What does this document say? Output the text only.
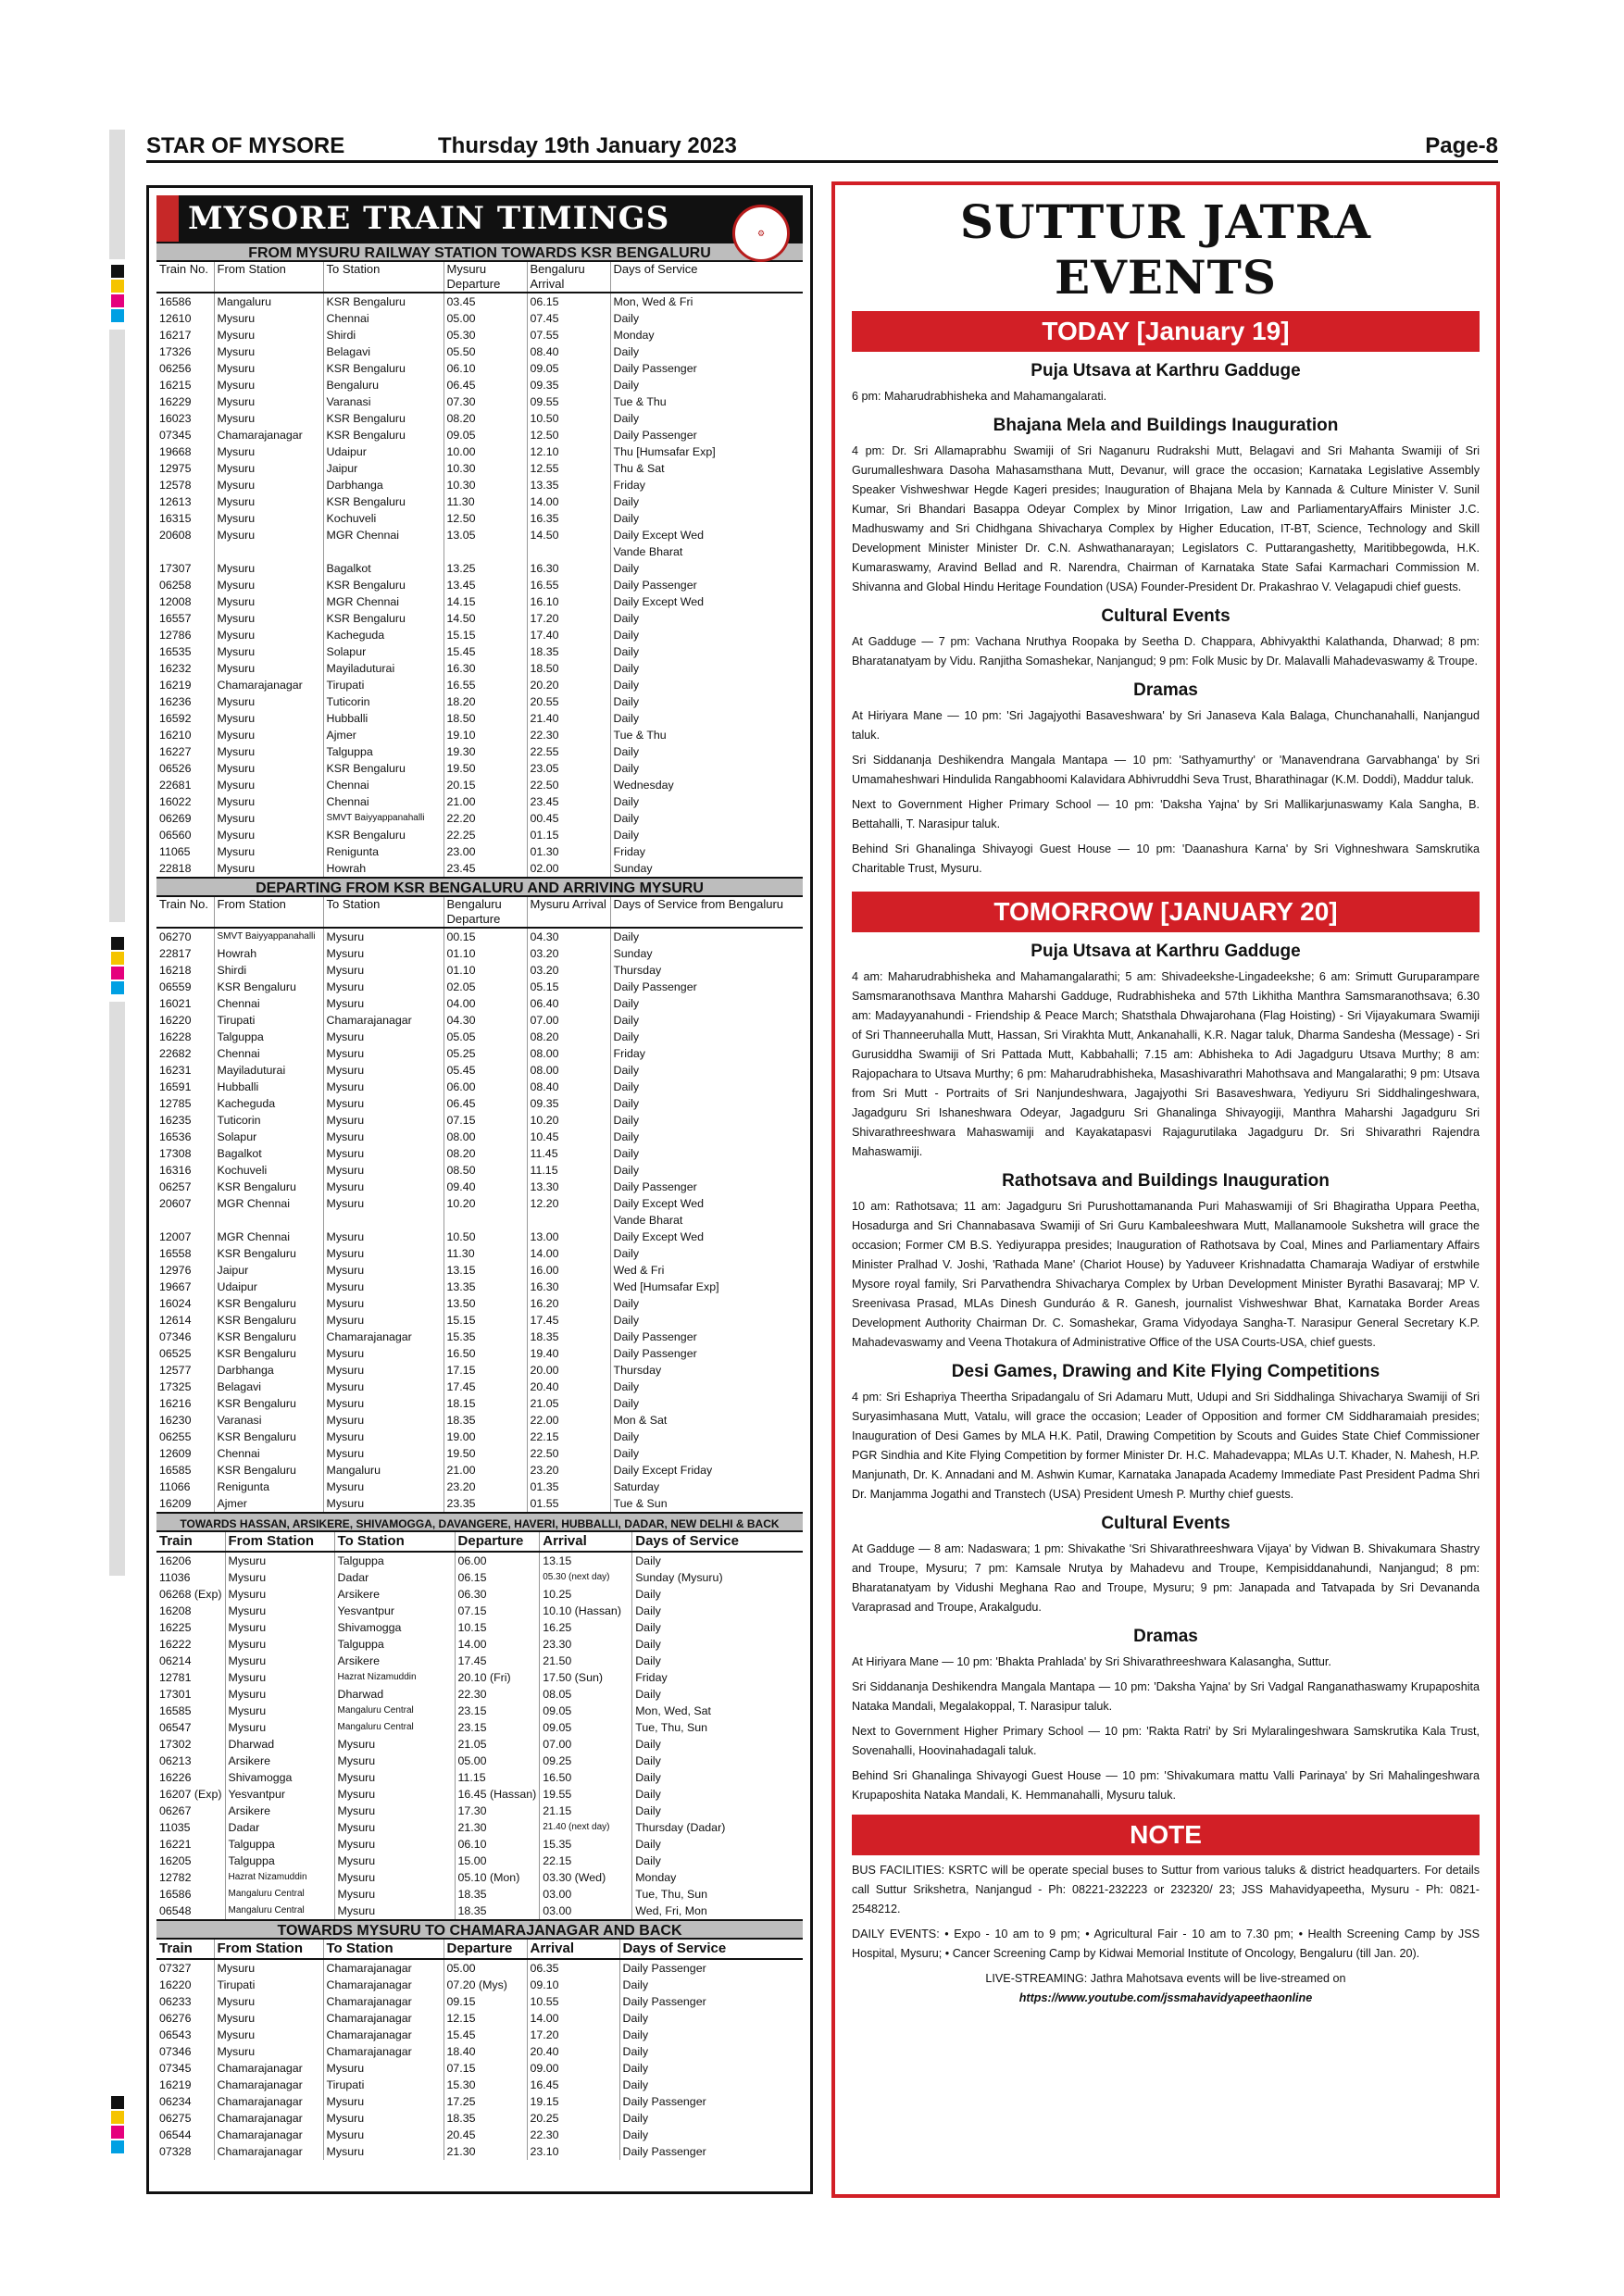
STAR OF MYSORE	Thursday 19th January 2023	Page-8
MYSORE TRAIN TIMINGS	⚙
FROM MYSURU RAILWAY STATION TOWARDS KSR BENGALURU
Train No.	From Station	To Station	Mysuru Departure	Bengaluru Arrival	Days of Service
16586	Mangaluru	KSR Bengaluru	03.45	06.15	Mon, Wed & Fri
12610	Mysuru	Chennai	05.00	07.45	Daily
16217	Mysuru	Shirdi	05.30	07.55	Monday
17326	Mysuru	Belagavi	05.50	08.40	Daily
06256	Mysuru	KSR Bengaluru	06.10	09.05	Daily Passenger
16215	Mysuru	Bengaluru	06.45	09.35	Daily
16229	Mysuru	Varanasi	07.30	09.55	Tue & Thu
16023	Mysuru	KSR Bengaluru	08.20	10.50	Daily
07345	Chamarajanagar	KSR Bengaluru	09.05	12.50	Daily Passenger
19668	Mysuru	Udaipur	10.00	12.10	Thu [Humsafar Exp]
12975	Mysuru	Jaipur	10.30	12.55	Thu & Sat
12578	Mysuru	Darbhanga	10.30	13.35	Friday
12613	Mysuru	KSR Bengaluru	11.30	14.00	Daily
16315	Mysuru	Kochuveli	12.50	16.35	Daily
20608	Mysuru	MGR Chennai	13.05	14.50	Daily Except Wed
					Vande Bharat
17307	Mysuru	Bagalkot	13.25	16.30	Daily
06258	Mysuru	KSR Bengaluru	13.45	16.55	Daily Passenger
12008	Mysuru	MGR Chennai	14.15	16.10	Daily Except Wed
16557	Mysuru	KSR Bengaluru	14.50	17.20	Daily
12786	Mysuru	Kacheguda	15.15	17.40	Daily
16535	Mysuru	Solapur	15.45	18.35	Daily
16232	Mysuru	Mayiladuturai	16.30	18.50	Daily
16219	Chamarajanagar	Tirupati	16.55	20.20	Daily
16236	Mysuru	Tuticorin	18.20	20.55	Daily
16592	Mysuru	Hubballi	18.50	21.40	Daily
16210	Mysuru	Ajmer	19.10	22.30	Tue & Thu
16227	Mysuru	Talguppa	19.30	22.55	Daily
06526	Mysuru	KSR Bengaluru	19.50	23.05	Daily
22681	Mysuru	Chennai	20.15	22.50	Wednesday
16022	Mysuru	Chennai	21.00	23.45	Daily
06269	Mysuru	SMVT Baiyyappanahalli	22.20	00.45	Daily
06560	Mysuru	KSR Bengaluru	22.25	01.15	Daily
11065	Mysuru	Renigunta	23.00	01.30	Friday
22818	Mysuru	Howrah	23.45	02.00	Sunday
DEPARTING FROM KSR BENGALURU AND ARRIVING MYSURU
Train No.	From Station	To Station	Bengaluru Departure	Mysuru Arrival	Days of Service from Bengaluru
06270	SMVT Baiyyappanahalli	Mysuru	00.15	04.30	Daily
22817	Howrah	Mysuru	01.10	03.20	Sunday
16218	Shirdi	Mysuru	01.10	03.20	Thursday
06559	KSR Bengaluru	Mysuru	02.05	05.15	Daily Passenger
16021	Chennai	Mysuru	04.00	06.40	Daily
16220	Tirupati	Chamarajanagar	04.30	07.00	Daily
16228	Talguppa	Mysuru	05.05	08.20	Daily
22682	Chennai	Mysuru	05.25	08.00	Friday
16231	Mayiladuturai	Mysuru	05.45	08.00	Daily
16591	Hubballi	Mysuru	06.00	08.40	Daily
12785	Kacheguda	Mysuru	06.45	09.35	Daily
16235	Tuticorin	Mysuru	07.15	10.20	Daily
16536	Solapur	Mysuru	08.00	10.45	Daily
17308	Bagalkot	Mysuru	08.20	11.45	Daily
16316	Kochuveli	Mysuru	08.50	11.15	Daily
06257	KSR Bengaluru	Mysuru	09.40	13.30	Daily Passenger
20607	MGR Chennai	Mysuru	10.20	12.20	Daily Except Wed
					Vande Bharat
12007	MGR Chennai	Mysuru	10.50	13.00	Daily Except Wed
16558	KSR Bengaluru	Mysuru	11.30	14.00	Daily
12976	Jaipur	Mysuru	13.15	16.00	Wed & Fri
19667	Udaipur	Mysuru	13.35	16.30	Wed [Humsafar Exp]
16024	KSR Bengaluru	Mysuru	13.50	16.20	Daily
12614	KSR Bengaluru	Mysuru	15.15	17.45	Daily
07346	KSR Bengaluru	Chamarajanagar	15.35	18.35	Daily Passenger
06525	KSR Bengaluru	Mysuru	16.50	19.40	Daily Passenger
12577	Darbhanga	Mysuru	17.15	20.00	Thursday
17325	Belagavi	Mysuru	17.45	20.40	Daily
16216	KSR Bengaluru	Mysuru	18.15	21.05	Daily
16230	Varanasi	Mysuru	18.35	22.00	Mon & Sat
06255	KSR Bengaluru	Mysuru	19.00	22.15	Daily
12609	Chennai	Mysuru	19.50	22.50	Daily
16585	KSR Bengaluru	Mangaluru	21.00	23.20	Daily Except Friday
11066	Renigunta	Mysuru	23.20	01.35	Saturday
16209	Ajmer	Mysuru	23.35	01.55	Tue & Sun
TOWARDS HASSAN, ARSIKERE, SHIVAMOGGA, DAVANGERE, HAVERI, HUBBALLI, DADAR, NEW DELHI & BACK
Train	From Station	To Station	Departure	Arrival	Days of Service
16206	Mysuru	Talguppa	06.00	13.15	Daily
11036	Mysuru	Dadar	06.15	05.30 (next day)	Sunday (Mysuru)
06268 (Exp)	Mysuru	Arsikere	06.30	10.25	Daily
16208	Mysuru	Yesvantpur	07.15	10.10 (Hassan)	Daily
16225	Mysuru	Shivamogga	10.15	16.25	Daily
16222	Mysuru	Talguppa	14.00	23.30	Daily
06214	Mysuru	Arsikere	17.45	21.50	Daily
12781	Mysuru	Hazrat Nizamuddin	20.10 (Fri)	17.50 (Sun)	Friday
17301	Mysuru	Dharwad	22.30	08.05	Daily
16585	Mysuru	Mangaluru Central	23.15	09.05	Mon, Wed, Sat
06547	Mysuru	Mangaluru Central	23.15	09.05	Tue, Thu, Sun
17302	Dharwad	Mysuru	21.05	07.00	Daily
06213	Arsikere	Mysuru	05.00	09.25	Daily
16226	Shivamogga	Mysuru	11.15	16.50	Daily
16207 (Exp)	Yesvantpur	Mysuru	16.45 (Hassan)	19.55	Daily
06267	Arsikere	Mysuru	17.30	21.15	Daily
11035	Dadar	Mysuru	21.30	21.40 (next day)	Thursday (Dadar)
16221	Talguppa	Mysuru	06.10	15.35	Daily
16205	Talguppa	Mysuru	15.00	22.15	Daily
12782	Hazrat Nizamuddin	Mysuru	05.10 (Mon)	03.30 (Wed)	Monday
16586	Mangaluru Central	Mysuru	18.35	03.00	Tue, Thu, Sun
06548	Mangaluru Central	Mysuru	18.35	03.00	Wed, Fri, Mon
TOWARDS MYSURU TO CHAMARAJANAGAR AND BACK
Train	From Station	To Station	Departure	Arrival	Days of Service
07327	Mysuru	Chamarajanagar	05.00	06.35	Daily Passenger
16220	Tirupati	Chamarajanagar	07.20 (Mys)	09.10	Daily
06233	Mysuru	Chamarajanagar	09.15	10.55	Daily Passenger
06276	Mysuru	Chamarajanagar	12.15	14.00	Daily
06543	Mysuru	Chamarajanagar	15.45	17.20	Daily
07346	Mysuru	Chamarajanagar	18.40	20.40	Daily
07345	Chamarajanagar	Mysuru	07.15	09.00	Daily
16219	Chamarajanagar	Tirupati	15.30	16.45	Daily
06234	Chamarajanagar	Mysuru	17.25	19.15	Daily Passenger
06275	Chamarajanagar	Mysuru	18.35	20.25	Daily
06544	Chamarajanagar	Mysuru	20.45	22.30	Daily
07328	Chamarajanagar	Mysuru	21.30	23.10	Daily Passenger
SUTTUR JATRA EVENTS
TODAY [January 19]
Puja Utsava at Karthru Gadduge
6 pm: Maharudrabhisheka and Mahamangalarati.
Bhajana Mela and Buildings Inauguration
4 pm: Dr. Sri Allamaprabhu Swamiji of Sri Naganuru Rudrakshi Mutt, Belagavi and Sri Mahanta Swamiji of Sri Gurumalleshwara Dasoha Mahasamsthana Mutt, Devanur, will grace the occasion; Karnataka Legislative Assembly Speaker Vishweshwar Hegde Kageri presides; Inauguration of Bhajana Mela by Kannada & Culture Minister V. Sunil Kumar, Sri Bhandari Basappa Odeyar Complex by Minor Irrigation, Law and ParliamentaryAffairs Minister J.C. Madhuswamy and Sri Chidhgana Shivacharya Complex by Higher Education, IT-BT, Science, Technology and Skill Development Minister Minister Dr. C.N. Ashwathanarayan; Legislators C. Puttarangashetty, Maritibbegowda, H.K. Kumaraswamy, Aravind Bellad and R. Narendra, Chairman of Karnataka State Safai Karmachari Commission M. Shivanna and Global Hindu Heritage Foundation (USA) Founder-President Dr. Prakashrao V. Velagapudi chief guests.
Cultural Events
At Gadduge — 7 pm: Vachana Nruthya Roopaka by Seetha D. Chappara, Abhivyakthi Kalathanda, Dharwad; 8 pm: Bharatanatyam by Vidu. Ranjitha Somashekar, Nanjangud; 9 pm: Folk Music by Dr. Malavalli Mahadevaswamy & Troupe.
Dramas
At Hiriyara Mane — 10 pm: 'Sri Jagajyothi Basaveshwara' by Sri Janaseva Kala Balaga, Chunchanahalli, Nanjangud taluk.
Sri Siddananja Deshikendra Mangala Mantapa — 10 pm: 'Sathyamurthy' or 'Manavendrana Garvabhanga' by Sri Umamaheshwari Hindulida Rangabhoomi Kalavidara Abhivruddhi Seva Trust, Bharathinagar (K.M. Doddi), Maddur taluk.
Next to Government Higher Primary School — 10 pm: 'Daksha Yajna' by Sri Mallikarjunaswamy Kala Sangha, B. Bettahalli, T. Narasipur taluk.
Behind Sri Ghanalinga Shivayogi Guest House — 10 pm: 'Daanashura Karna' by Sri Vighneshwara Samskrutika Charitable Trust, Mysuru.
TOMORROW [JANUARY 20]
Puja Utsava at Karthru Gadduge
4 am: Maharudrabhisheka and Mahamangalarathi; 5 am: Shivadeekshe-Lingadeekshe; 6 am: Srimutt Guruparampare Samsmaranothsava Manthra Maharshi Gadduge, Rudrabhisheka and 57th Likhitha Manthra Samsmaranothsava; 6.30 am: Madayyanahundi - Friendship & Peace March; Shatsthala Dhwajarohana (Flag Hoisting) - Sri Vijayakumara Swamiji of Sri Thanneeruhalla Mutt, Hassan, Sri Virakhta Mutt, Ankanahalli, K.R. Nagar taluk, Dharma Sandesha (Message) - Sri Gurusiddha Swamiji of Sri Pattada Mutt, Kabbahalli; 7.15 am: Abhisheka to Adi Jagadguru Utsava Murthy; 8 am: Rajopachara to Utsava Murthy; 6 pm: Maharudrabhisheka, Masashivarathri Mahothsava and Mangalarathi; 9 pm: Utsava from Sri Mutt - Portraits of Sri Nanjundeshwara, Jagajyothi Sri Basaveshwara, Yediyuru Sri Siddhalingeshwara, Jagadguru Sri Ishaneshwara Odeyar, Jagadguru Sri Ghanalinga Shivayogiji, Manthra Maharshi Jagadguru Sri Shivarathreeshwara Mahaswamiji and Kayakatapasvi Rajagurutilaka Jagadguru Dr. Sri Shivarathri Rajendra Mahaswamiji.
Rathotsava and Buildings Inauguration
10 am: Rathotsava; 11 am: Jagadguru Sri Purushottamananda Puri Mahaswamiji of Sri Bhagiratha Uppara Peetha, Hosadurga and Sri Channabasava Swamiji of Sri Guru Kambaleeshwara Mutt, Mallanamoole Sukshetra will grace the occasion; Former CM B.S. Yediyurappa presides; Inauguration of Rathotsava by Coal, Mines and Parliamentary Affairs Minister Pralhad V. Joshi, 'Rathada Mane' (Chariot House) by Yaduveer Krishnadatta Chamaraja Wadiyar of erstwhile Mysore royal family, Sri Parvathendra Shivacharya Complex by Urban Development Minister Byrathi Basavaraj; MP V. Sreenivasa Prasad, MLAs Dinesh Gunduráo & R. Ganesh, journalist Vishweshwar Bhat, Karnataka Border Areas Development Authority Chairman Dr. C. Somashekar, Grama Vidyodaya Sangha-T. Narasipur General Secretary K.P. Mahadevaswamy and Veena Thotakura of Administrative Office of the USA Courts-USA, chief guests.
Desi Games, Drawing and Kite Flying Competitions
4 pm: Sri Eshapriya Theertha Sripadangalu of Sri Adamaru Mutt, Udupi and Sri Siddhalinga Shivacharya Swamiji of Sri Suryasimhasana Mutt, Vatalu, will grace the occasion; Leader of Opposition and former CM Siddharamaiah presides; Inauguration of Desi Games by MLA H.K. Patil, Drawing Competition by Scouts and Guides State Chief Commissioner PGR Sindhia and Kite Flying Competition by former Minister Dr. H.C. Mahadevappa; MLAs U.T. Khader, N. Mahesh, H.P. Manjunath, Dr. K. Annadani and M. Ashwin Kumar, Karnataka Janapada Academy Immediate Past President Padma Shri Dr. Manjamma Jogathi and Transtech (USA) President Umesh P. Murthy chief guests.
Cultural Events
At Gadduge — 8 am: Nadaswara; 1 pm: Shivakathe 'Sri Shivarathreeshwara Vijaya' by Vidwan B. Shivakumara Shastry and Troupe, Mysuru; 7 pm: Kamsale Nrutya by Mahadevu and Troupe, Kempisiddanahundi, Nanjangud; 8 pm: Bharatanatyam by Vidushi Meghana Rao and Troupe, Mysuru; 9 pm: Janapada and Tatvapada by Sri Devananda Varaprasad and Troupe, Arakalgudu.
Dramas
At Hiriyara Mane — 10 pm: 'Bhakta Prahlada' by Sri Shivarathreeshwara Kalasangha, Suttur.
Sri Siddananja Deshikendra Mangala Mantapa — 10 pm: 'Daksha Yajna' by Sri Vadgal Ranganathaswamy Krupaposhita Nataka Mandali, Megalakoppal, T. Narasipur taluk.
Next to Government Higher Primary School — 10 pm: 'Rakta Ratri' by Sri Mylaralingeshwara Samskrutika Kala Trust, Sovenahalli, Hoovinahadagali taluk.
Behind Sri Ghanalinga Shivayogi Guest House — 10 pm: 'Shivakumara mattu Valli Parinaya' by Sri Mahalingeshwara Krupaposhita Nataka Mandali, K. Hemmanahalli, Mysuru taluk.
NOTE
BUS FACILITIES: KSRTC will be operate special buses to Suttur from various taluks & district headquarters. For details call Suttur Srikshetra, Nanjangud - Ph: 08221-232223 or 232320/ 23; JSS Mahavidyapeetha, Mysuru - Ph: 0821-2548212.
DAILY EVENTS: • Expo - 10 am to 9 pm; • Agricultural Fair - 10 am to 7.30 pm; • Health Screening Camp by JSS Hospital, Mysuru; • Cancer Screening Camp by Kidwai Memorial Institute of Oncology, Bengaluru (till Jan. 20).
LIVE-STREAMING: Jathra Mahotsava events will be live-streamed on
https://www.youtube.com/jssmahavidyapeethaonline
